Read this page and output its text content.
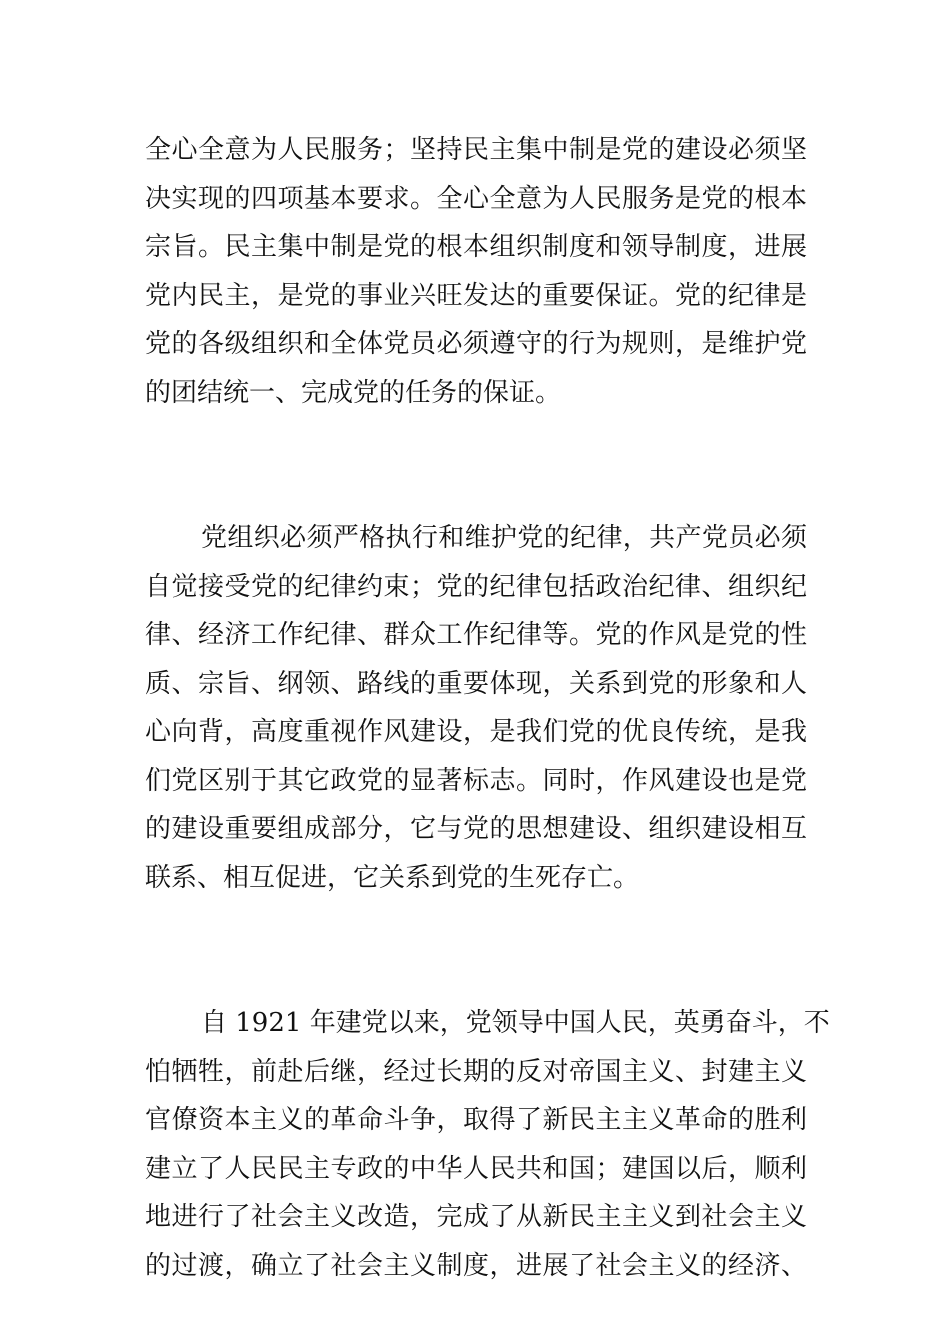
全心全意为人民服务；坚持民主集中制是党的建设必须坚
决实现的四项基本要求。全心全意为人民服务是党的根本
宗旨。民主集中制是党的根本组织制度和领导制度，进展
党内民主，是党的事业兴旺发达的重要保证。党的纪律是
党的各级组织和全体党员必须遵守的行为规则，是维护党
的团结统一、完成党的任务的保证。
党组织必须严格执行和维护党的纪律，共产党员必须
自觉接受党的纪律约束；党的纪律包括政治纪律、组织纪
律、经济工作纪律、群众工作纪律等。党的作风是党的性
质、宗旨、纲领、路线的重要体现，关系到党的形象和人
心向背，高度重视作风建设，是我们党的优良传统，是我
们党区别于其它政党的显著标志。同时，作风建设也是党
的建设重要组成部分，它与党的思想建设、组织建设相互
联系、相互促进，它关系到党的生死存亡。
自 1921 年建党以来，党领导中国人民，英勇奋斗，不
怕牺牲，前赴后继，经过长期的反对帝国主义、封建主义
官僚资本主义的革命斗争，取得了新民主主义革命的胜利
建立了人民民主专政的中华人民共和国；建国以后，顺利
地进行了社会主义改造，完成了从新民主主义到社会主义
的过渡，确立了社会主义制度，进展了社会主义的经济、
